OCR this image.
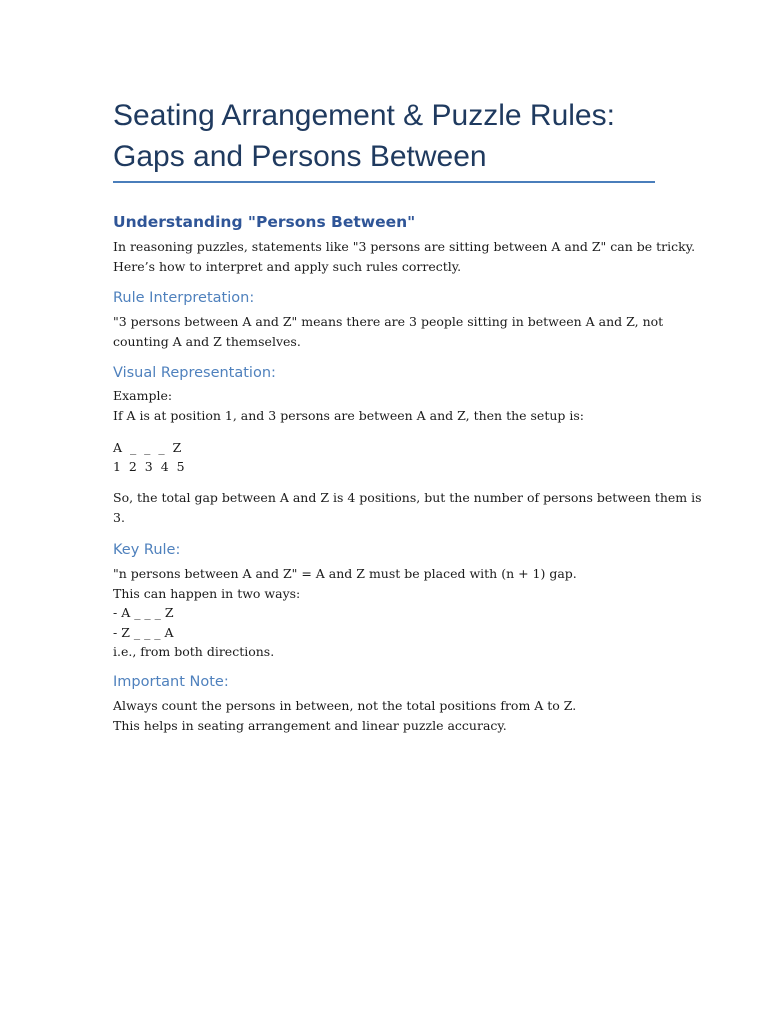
Seating Arrangement & Puzzle Rules:
Gaps and Persons Between
Understanding "Persons Between"
In reasoning puzzles, statements like "3 persons are sitting between A and Z" can be tricky.
Here’s how to interpret and apply such rules correctly.
Rule Interpretation:
"3 persons between A and Z" means there are 3 people sitting in between A and Z, not
counting A and Z themselves.
Visual Representation:
Example:
If A is at position 1, and 3 persons are between A and Z, then the setup is:
A  _  _  _  Z
1  2  3  4  5
So, the total gap between A and Z is 4 positions, but the number of persons between them is
3.
Key Rule:
"n persons between A and Z" = A and Z must be placed with (n + 1) gap.
This can happen in two ways:
- A _ _ _ Z
- Z _ _ _ A
i.e., from both directions.
Important Note:
Always count the persons in between, not the total positions from A to Z.
This helps in seating arrangement and linear puzzle accuracy.
